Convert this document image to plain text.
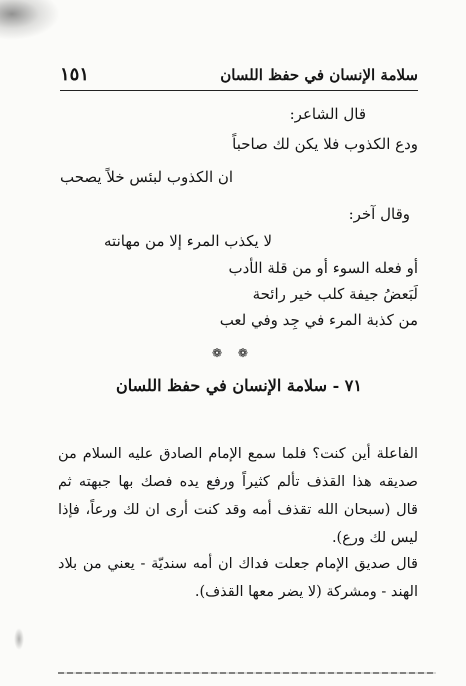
سلامة الإنسان في حفظ اللسان
١٥١
قال الشاعر:
ودع الكذوب فلا يكن لك صاحباً
ان الكذوب لبئس خلاً يصحب
وقال آخر:
لا يكذب المرء إلا من مهانته
أو فعله السوء أو من قلة الأدب
لَبَعضُ جيفة كلب خير رائحة
من كذبة المرء في جِد وفي لعب
❁ ❁
٧١ - سلامة الإنسان في حفظ اللسان
الفاعلة أين كنت؟ فلما سمع الإمام الصادق عليه السلام من صديقه هذا القذف تألم كثيراً ورفع يده فصك بها جبهته ثم قال (سبحان الله تقذف أمه وقد كنت أرى ان لك ورعاً، فإذا ليس لك ورع).
قال صديق الإمام جعلت فداك ان أمه سنديّة - يعني من بلاد الهند - ومشركة (لا يضر معها القذف).
